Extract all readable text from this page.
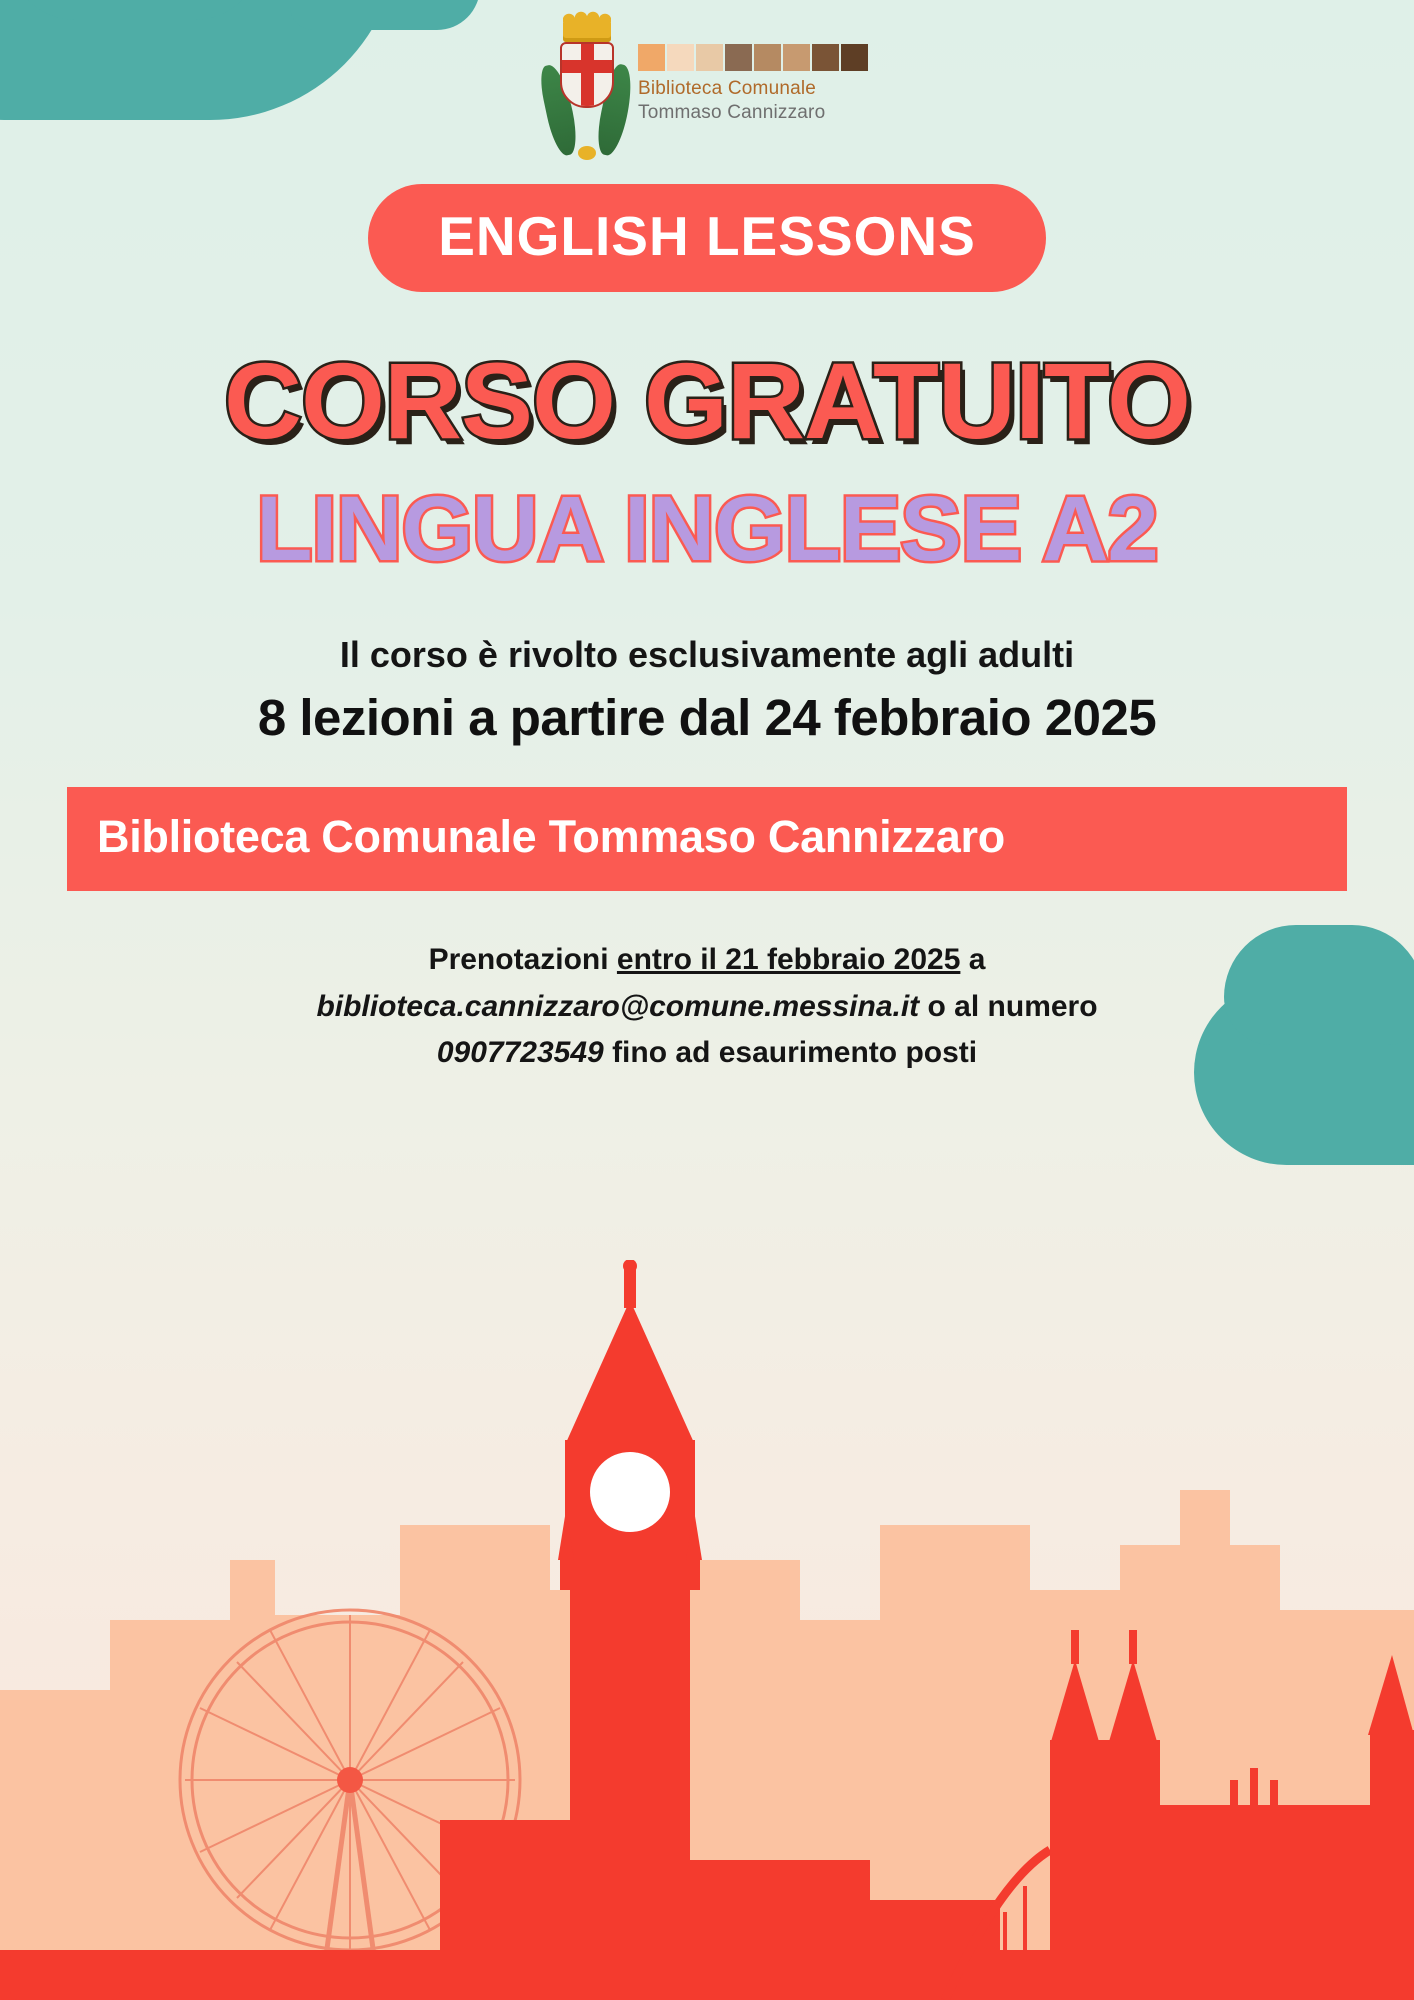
Biblioteca Comunale
Tommaso Cannizzaro
ENGLISH LESSONS
CORSO GRATUITO
LINGUA INGLESE A2
Il corso è rivolto esclusivamente agli adulti
8 lezioni a partire dal 24 febbraio 2025
Biblioteca Comunale Tommaso Cannizzaro
Prenotazioni entro il 21 febbraio 2025 a
biblioteca.cannizzaro@comune.messina.it o al numero
0907723549 fino ad esaurimento posti
